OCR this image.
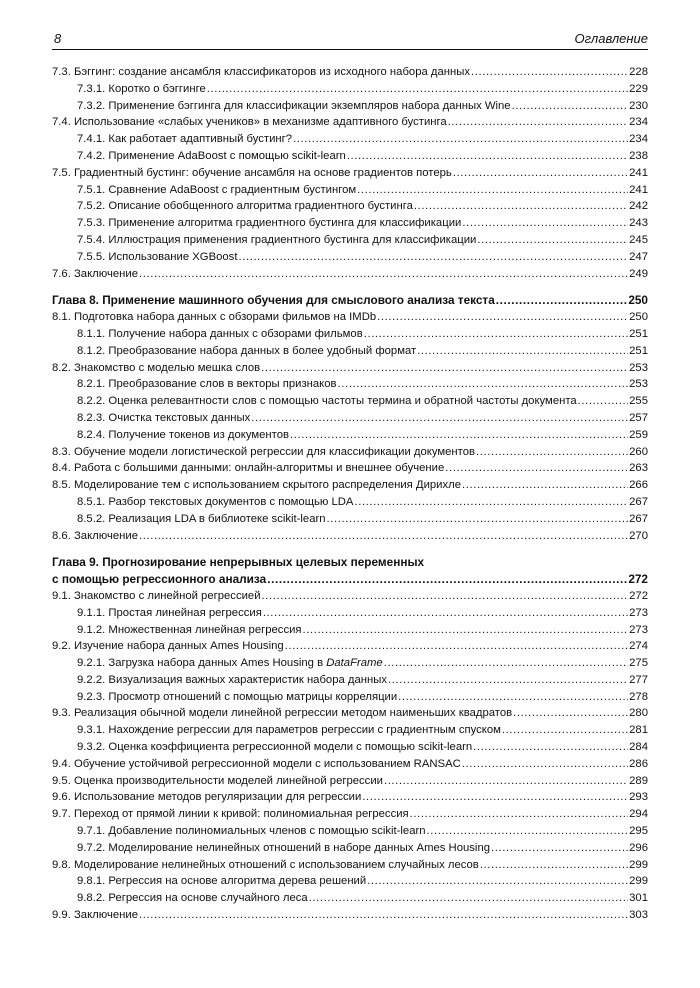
8	Оглавление
7.3. Бэггинг: создание ансамбля классификаторов из исходного набора данных .....	228
7.3.1. Коротко о бэггинге .....	229
7.3.2. Применение бэггинга для классификации экземпляров набора данных Wine .....	230
7.4. Использование «слабых учеников» в механизме адаптивного бустинга .....	234
7.4.1. Как работает адаптивный бустинг? .....	234
7.4.2. Применение AdaBoost с помощью scikit-learn .....	238
7.5. Градиентный бустинг: обучение ансамбля на основе градиентов потерь .....	241
7.5.1. Сравнение AdaBoost с градиентным бустингом .....	241
7.5.2. Описание обобщенного алгоритма градиентного бустинга .....	242
7.5.3. Применение алгоритма градиентного бустинга для классификации .....	243
7.5.4. Иллюстрация применения градиентного бустинга для классификации .....	245
7.5.5. Использование XGBoost .....	247
7.6. Заключение .....	249
Глава 8. Применение машинного обучения для смыслового анализа текста .....	250
8.1. Подготовка набора данных с обзорами фильмов на IMDb .....	250
8.1.1. Получение набора данных с обзорами фильмов .....	251
8.1.2. Преобразование набора данных в более удобный формат .....	251
8.2. Знакомство с моделью мешка слов .....	253
8.2.1. Преобразование слов в векторы признаков .....	253
8.2.2. Оценка релевантности слов с помощью частоты термина и обратной частоты документа .....	255
8.2.3. Очистка текстовых данных .....	257
8.2.4. Получение токенов из документов .....	259
8.3. Обучение модели логистической регрессии для классификации документов .....	260
8.4. Работа с большими данными: онлайн-алгоритмы и внешнее обучение .....	263
8.5. Моделирование тем с использованием скрытого распределения Дирихле .....	266
8.5.1. Разбор текстовых документов с помощью LDA .....	267
8.5.2. Реализация LDA в библиотеке scikit-learn .....	267
8.6. Заключение .....	270
Глава 9. Прогнозирование непрерывных целевых переменных
с помощью регрессионного анализа .....	272
9.1. Знакомство с линейной регрессией .....	272
9.1.1. Простая линейная регрессия .....	273
9.1.2. Множественная линейная регрессия .....	273
9.2. Изучение набора данных Ames Housing .....	274
9.2.1. Загрузка набора данных Ames Housing в DataFrame .....	275
9.2.2. Визуализация важных характеристик набора данных .....	277
9.2.3. Просмотр отношений с помощью матрицы корреляции .....	278
9.3. Реализация обычной модели линейной регрессии методом наименьших квадратов .....	280
9.3.1. Нахождение регрессии для параметров регрессии с градиентным спуском .....	281
9.3.2. Оценка коэффициента регрессионной модели с помощью scikit-learn .....	284
9.4. Обучение устойчивой регрессионной модели с использованием RANSAC .....	286
9.5. Оценка производительности моделей линейной регрессии .....	289
9.6. Использование методов регуляризации для регрессии .....	293
9.7. Переход от прямой линии к кривой: полиномиальная регрессия .....	294
9.7.1. Добавление полиномиальных членов с помощью scikit-learn .....	295
9.7.2. Моделирование нелинейных отношений в наборе данных Ames Housing .....	296
9.8. Моделирование нелинейных отношений с использованием случайных лесов .....	299
9.8.1. Регрессия на основе алгоритма дерева решений .....	299
9.8.2. Регрессия на основе случайного леса .....	301
9.9. Заключение .....	303
